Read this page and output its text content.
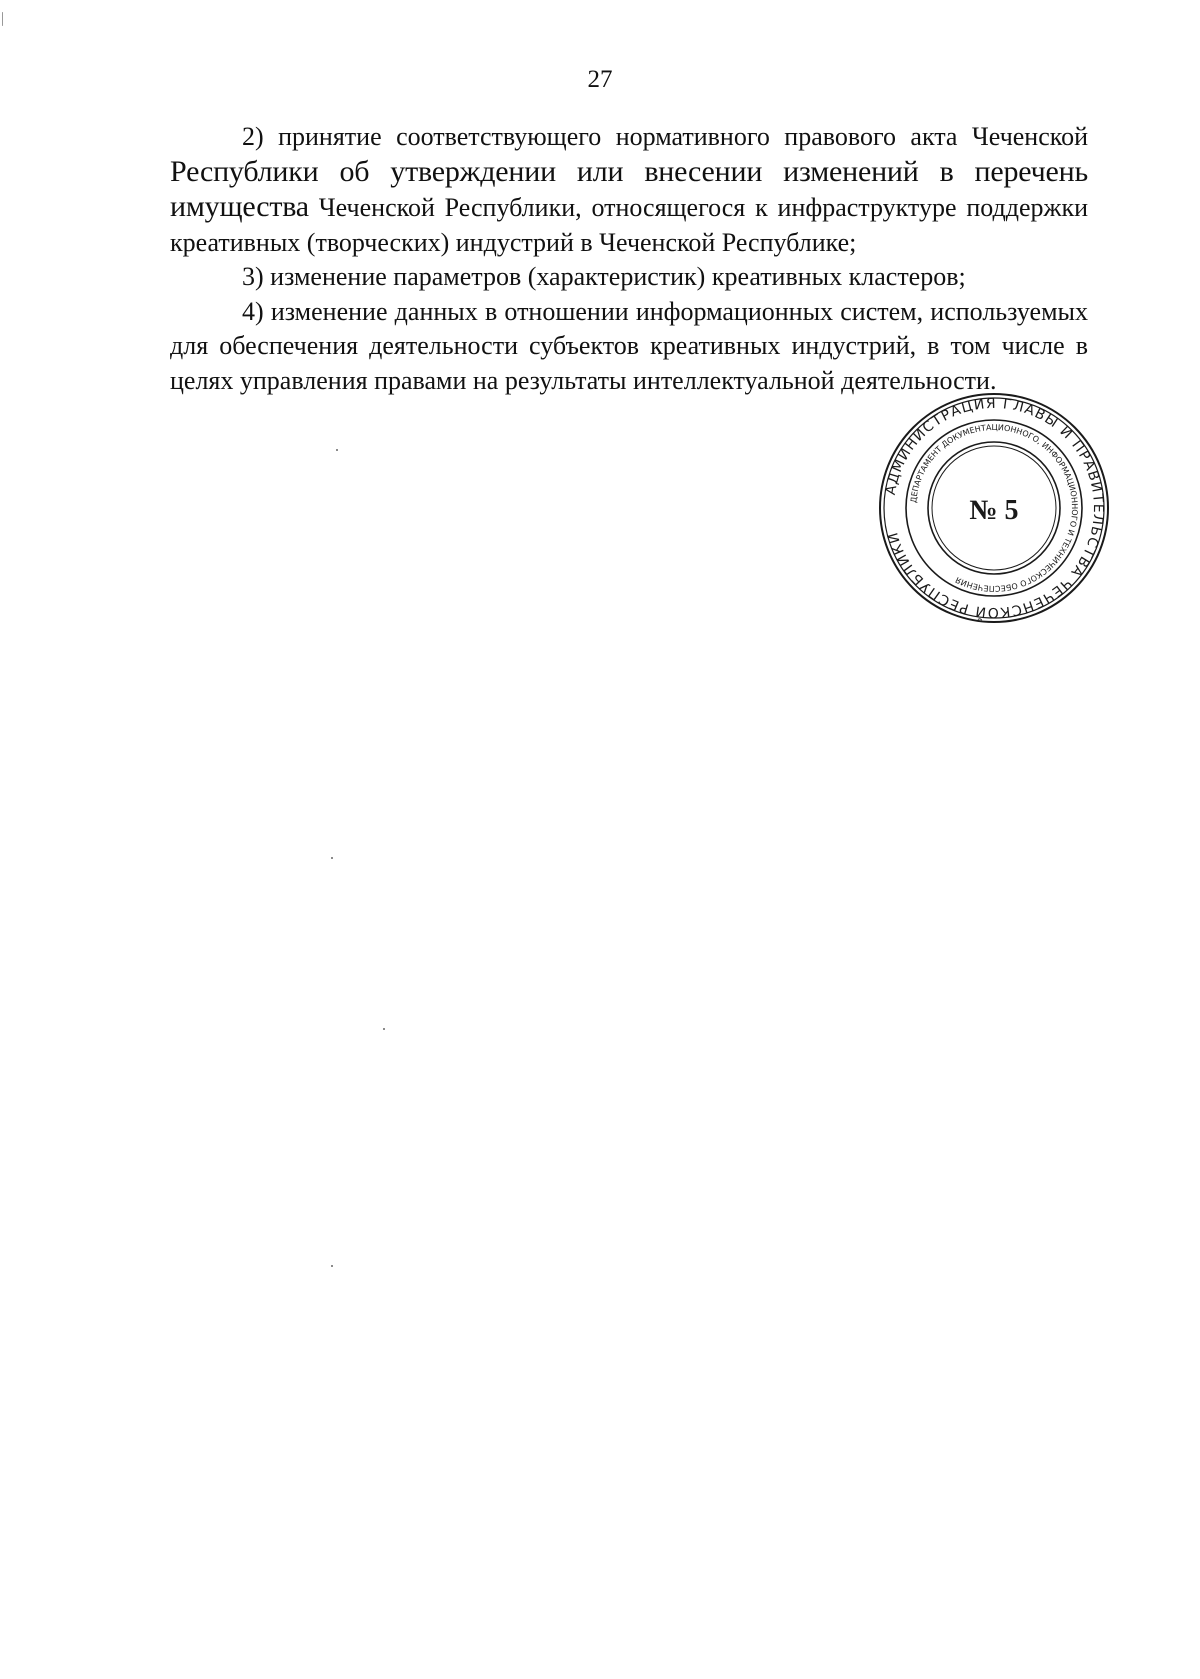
27

2) принятие соответствующего нормативного правового акта Чеченской Республики об утверждении или внесении изменений в перечень имущества Чеченской Республики, относящегося к инфраструктуре поддержки креативных (творческих) индустрий в Чеченской Республике;

3) изменение параметров (характеристик) креативных кластеров;

4) изменение данных в отношении информационных систем, используемых для обеспечения деятельности субъектов креативных индустрий, в том числе в целях управления правами на результаты интеллектуальной деятельности.

АДМИНИСТРАЦИЯ ГЛАВЫ И ПРАВИТЕЛЬСТВА ЧЕЧЕНСКОЙ РЕСПУБЛИКИ
ДЕПАРТАМЕНТ ДОКУМЕНТАЦИОННОГО, ИНФОРМАЦИОННОГО И ТЕХНИЧЕСКОГО ОБЕСПЕЧЕНИЯ
№ 5
